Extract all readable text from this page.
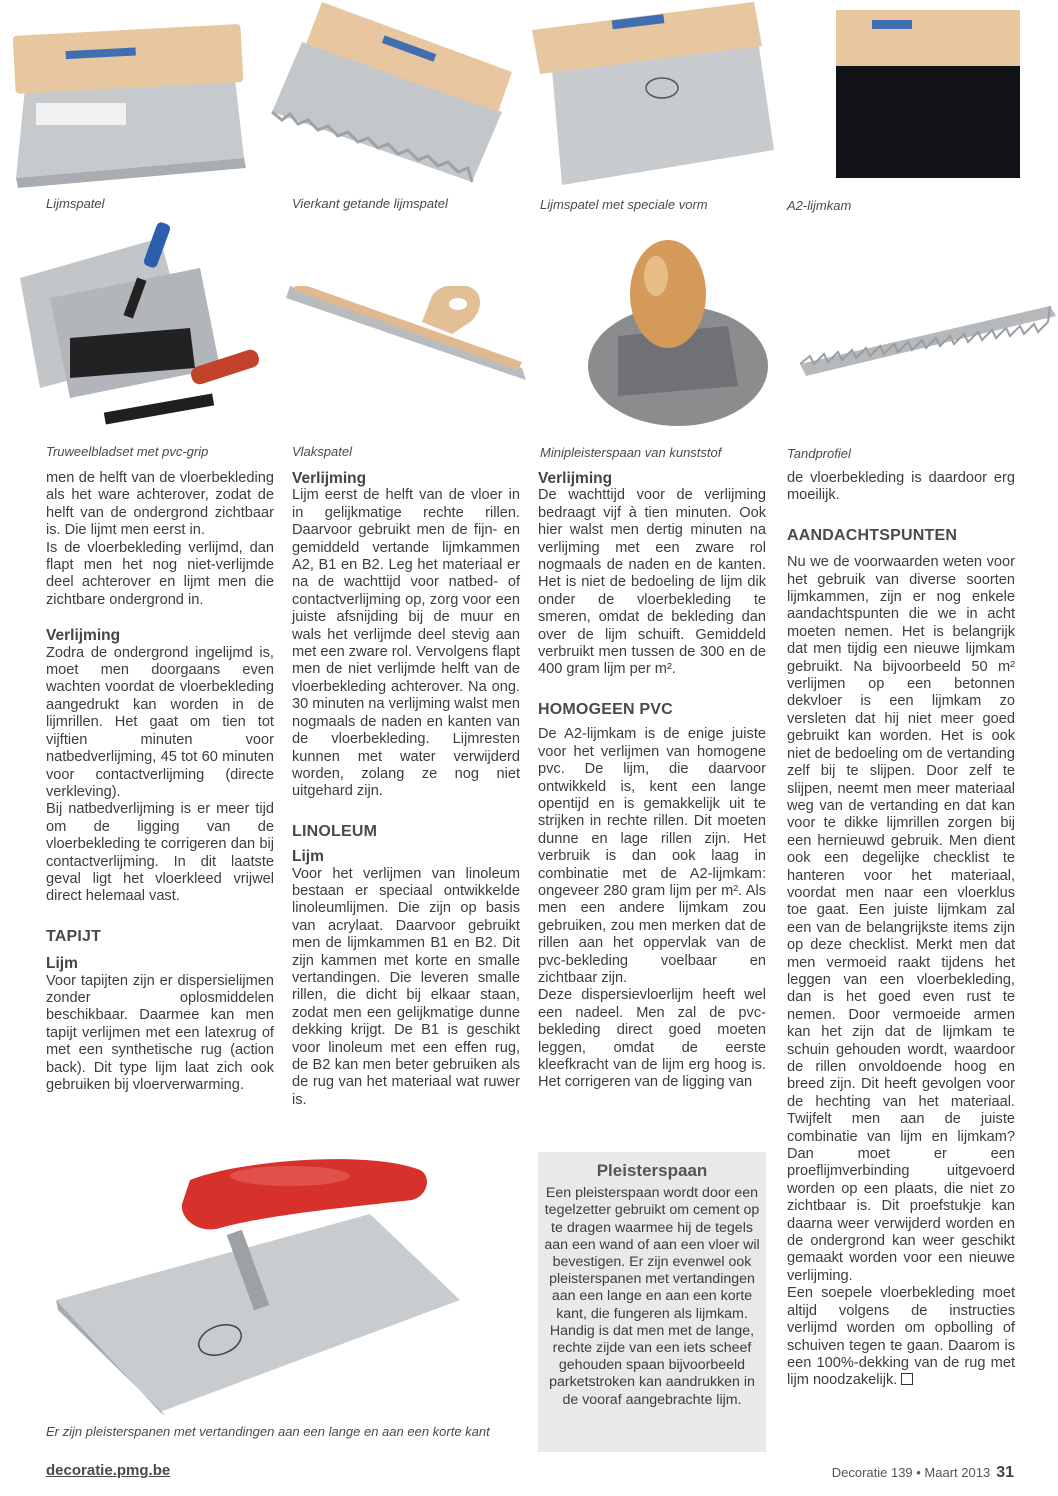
Lijmspatel	Vierkant getande lijmspatel	Lijmspatel met speciale vorm	A2-lijmkam
Truweelbladset met pvc-grip	Vlakspatel	Minipleisterspaan van kunststof	Tandprofiel

men de helft van de vloerbekleding als het ware achterover, zodat de helft van de ondergrond zichtbaar is. Die lijmt men eerst in.

Is de vloerbekleding verlijmd, dan flapt men het nog niet-verlijmde deel achterover en lijmt men die zichtbare ondergrond in.

Verlijming

Zodra de ondergrond ingelijmd is, moet men doorgaans even wachten voordat de vloerbekleding aangedrukt kan worden in de lijmrillen. Het gaat om tien tot vijftien minuten voor natbedverlijming, 45 tot 60 minuten voor contactverlijming (directe verkleving).

Bij natbedverlijming is er meer tijd om de ligging van de vloerbekleding te corrigeren dan bij contactverlijming. In dit laatste geval ligt het vloerkleed vrijwel direct helemaal vast.

TAPIJT
Lijm

Voor tapijten zijn er dispersielijmen zonder oplosmiddelen beschikbaar. Daarmee kan men tapijt verlijmen met een latexrug of met een synthetische rug (action back). Dit type lijm laat zich ook gebruiken bij vloerverwarming.

Verlijming

Lijm eerst de helft van de vloer in in gelijkmatige rechte rillen. Daarvoor gebruikt men de fijn- en gemiddeld vertande lijmkammen A2, B1 en B2. Leg het materiaal er na de wachttijd voor natbed- of contactverlijming op, zorg voor een juiste afsnijding bij de muur en wals het verlijmde deel stevig aan met een zware rol. Vervolgens flapt men de niet verlijmde helft van de vloerbekleding achterover. Na ong. 30 minuten na verlijming walst men nogmaals de naden en kanten van de vloerbekleding. Lijmresten kunnen met water verwijderd worden, zolang ze nog niet uitgehard zijn.

LINOLEUM
Lijm

Voor het verlijmen van linoleum bestaan er speciaal ontwikkelde linoleumlijmen. Die zijn op basis van acrylaat. Daarvoor gebruikt men de lijmkammen B1 en B2. Dit zijn kammen met korte en smalle vertandingen. Die leveren smalle rillen, die dicht bij elkaar staan, zodat men een gelijkmatige dunne dekking krijgt. De B1 is geschikt voor linoleum met een effen rug, de B2 kan men beter gebruiken als de rug van het materiaal wat ruwer is.

Verlijming

De wachttijd voor de verlijming bedraagt vijf à tien minuten. Ook hier walst men dertig minuten na verlijming met een zware rol nogmaals de naden en de kanten. Het is niet de bedoeling de lijm dik onder de vloerbekleding te smeren, omdat de bekleding dan over de lijm schuift. Gemiddeld verbruikt men tussen de 300 en de 400 gram lijm per m².

HOMOGEEN PVC

De A2-lijmkam is de enige juiste voor het verlijmen van homogene pvc. De lijm, die daarvoor ontwikkeld is, kent een lange opentijd en is gemakkelijk uit te strijken in rechte rillen. Dit moeten dunne en lage rillen zijn. Het verbruik is dan ook laag in combinatie met de A2-lijmkam: ongeveer 280 gram lijm per m². Als men een andere lijmkam zou gebruiken, zou men merken dat de rillen aan het oppervlak van de pvc-bekleding voelbaar en zichtbaar zijn.

Deze dispersievloerlijm heeft wel een nadeel. Men zal de pvc-bekleding direct goed moeten leggen, omdat de eerste kleefkracht van de lijm erg hoog is. Het corrigeren van de ligging van

Pleisterspaan

Een pleisterspaan wordt door een tegelzetter gebruikt om cement op te dragen waarmee hij de tegels aan een wand of aan een vloer wil bevestigen. Er zijn evenwel ook pleisterspanen met vertandingen aan een lange en aan een korte kant, die fungeren als lijmkam. Handig is dat men met de lange, rechte zijde van een iets scheef gehouden spaan bijvoorbeeld parketstroken kan aandrukken in de vooraf aangebrachte lijm.

de vloerbekleding is daardoor erg moeilijk.

AANDACHTSPUNTEN

Nu we de voorwaarden weten voor het gebruik van diverse soorten lijmkammen, zijn er nog enkele aandachtspunten die we in acht moeten nemen. Het is belangrijk dat men tijdig een nieuwe lijmkam gebruikt. Na bijvoorbeeld 50 m² verlijmen op een betonnen dekvloer is een lijmkam zo versleten dat hij niet meer goed gebruikt kan worden. Het is ook niet de bedoeling om de vertanding zelf bij te slijpen. Door zelf te slijpen, neemt men meer materiaal weg van de vertanding en dat kan voor te dikke lijmrillen zorgen bij een hernieuwd gebruik. Men dient ook een degelijke checklist te hanteren voor het materiaal, voordat men naar een vloerklus toe gaat. Een juiste lijmkam zal een van de belangrijkste items zijn op deze checklist. Merkt men dat men vermoeid raakt tijdens het leggen van een vloerbekleding, dan is het goed even rust te nemen. Door vermoeide armen kan het zijn dat de lijmkam te schuin gehouden wordt, waardoor de rillen onvoldoende hoog en breed zijn. Dit heeft gevolgen voor de hechting van het materiaal. Twijfelt men aan de juiste combinatie van lijm en lijmkam? Dan moet er een proeflijmverbinding uitgevoerd worden op een plaats, die niet zo zichtbaar is. Dit proefstukje kan daarna weer verwijderd worden en de ondergrond kan weer geschikt gemaakt worden voor een nieuwe verlijming.

Een soepele vloerbekleding moet altijd volgens de instructies verlijmd worden om opbolling of schuiven tegen te gaan. Daarom is een 100%-dekking van de rug met lijm noodzakelijk.

Er zijn pleisterspanen met vertandingen aan een lange en aan een korte kant
decoratie.pmg.be	Decoratie 139 • Maart 2013 31
